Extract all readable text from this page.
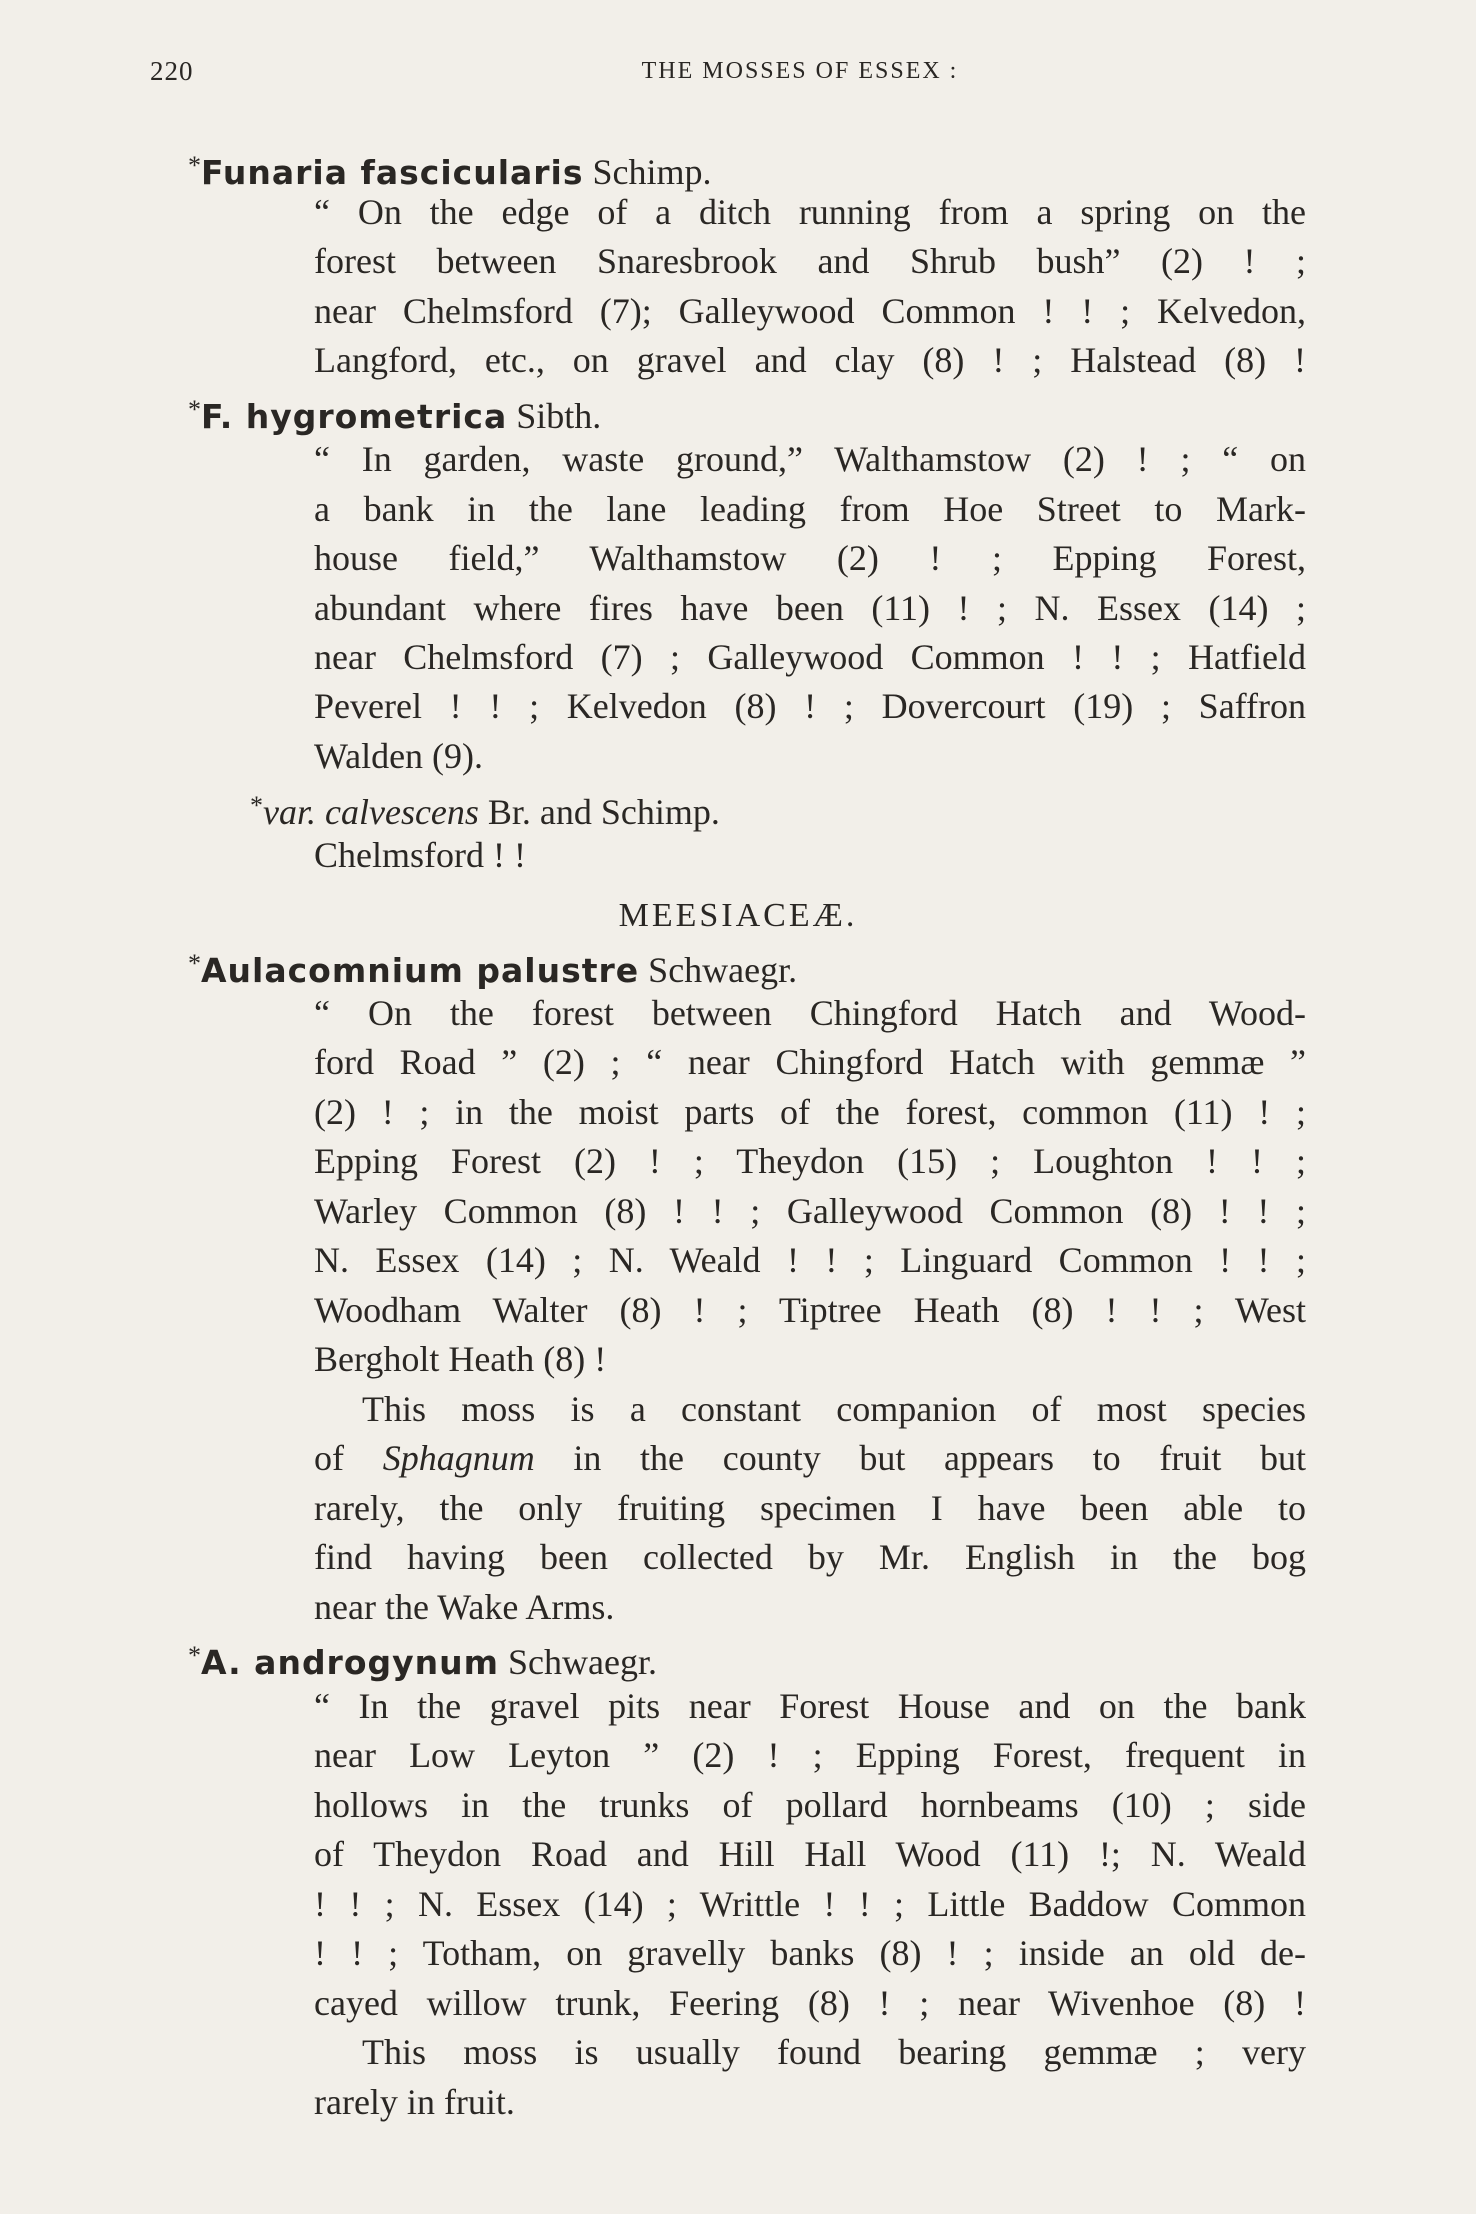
220	THE MOSSES OF ESSEX :
*Funaria fascicularis Schimp.
“ On the edge of a ditch running from a spring on the
forest between Snaresbrook and Shrub bush” (2) ! ;
near Chelmsford (7); Galleywood Common ! ! ; Kelvedon,
Langford, etc., on gravel and clay (8) ! ; Halstead (8) !
*F. hygrometrica Sibth.
“ In garden, waste ground,” Walthamstow (2) ! ; “ on
a bank in the lane leading from Hoe Street to Mark-
house field,” Walthamstow (2) ! ; Epping Forest,
abundant where fires have been (11) ! ; N. Essex (14) ;
near Chelmsford (7) ; Galleywood Common ! ! ; Hatfield
Peverel ! ! ; Kelvedon (8) ! ; Dovercourt (19) ; Saffron
Walden (9).
*var. calvescens Br. and Schimp.
Chelmsford ! !
MEESIACEÆ.
*Aulacomnium palustre Schwaegr.
“ On the forest between Chingford Hatch and Wood-
ford Road ” (2) ; “ near Chingford Hatch with gemmæ ”
(2) ! ; in the moist parts of the forest, common (11) ! ;
Epping Forest (2) ! ; Theydon (15) ; Loughton ! ! ;
Warley Common (8) ! ! ; Galleywood Common (8) ! ! ;
N. Essex (14) ; N. Weald ! ! ; Linguard Common ! ! ;
Woodham Walter (8) ! ; Tiptree Heath (8) ! ! ; West
Bergholt Heath (8) !
This moss is a constant companion of most species
of Sphagnum in the county but appears to fruit but
rarely, the only fruiting specimen I have been able to
find having been collected by Mr. English in the bog
near the Wake Arms.
*A. androgynum Schwaegr.
“ In the gravel pits near Forest House and on the bank
near Low Leyton ” (2) ! ; Epping Forest, frequent in
hollows in the trunks of pollard hornbeams (10) ; side
of Theydon Road and Hill Hall Wood (11) !; N. Weald
! ! ; N. Essex (14) ; Writtle ! ! ; Little Baddow Common
! ! ; Totham, on gravelly banks (8) ! ; inside an old de-
cayed willow trunk, Feering (8) ! ; near Wivenhoe (8) !
This moss is usually found bearing gemmæ ; very
rarely in fruit.
